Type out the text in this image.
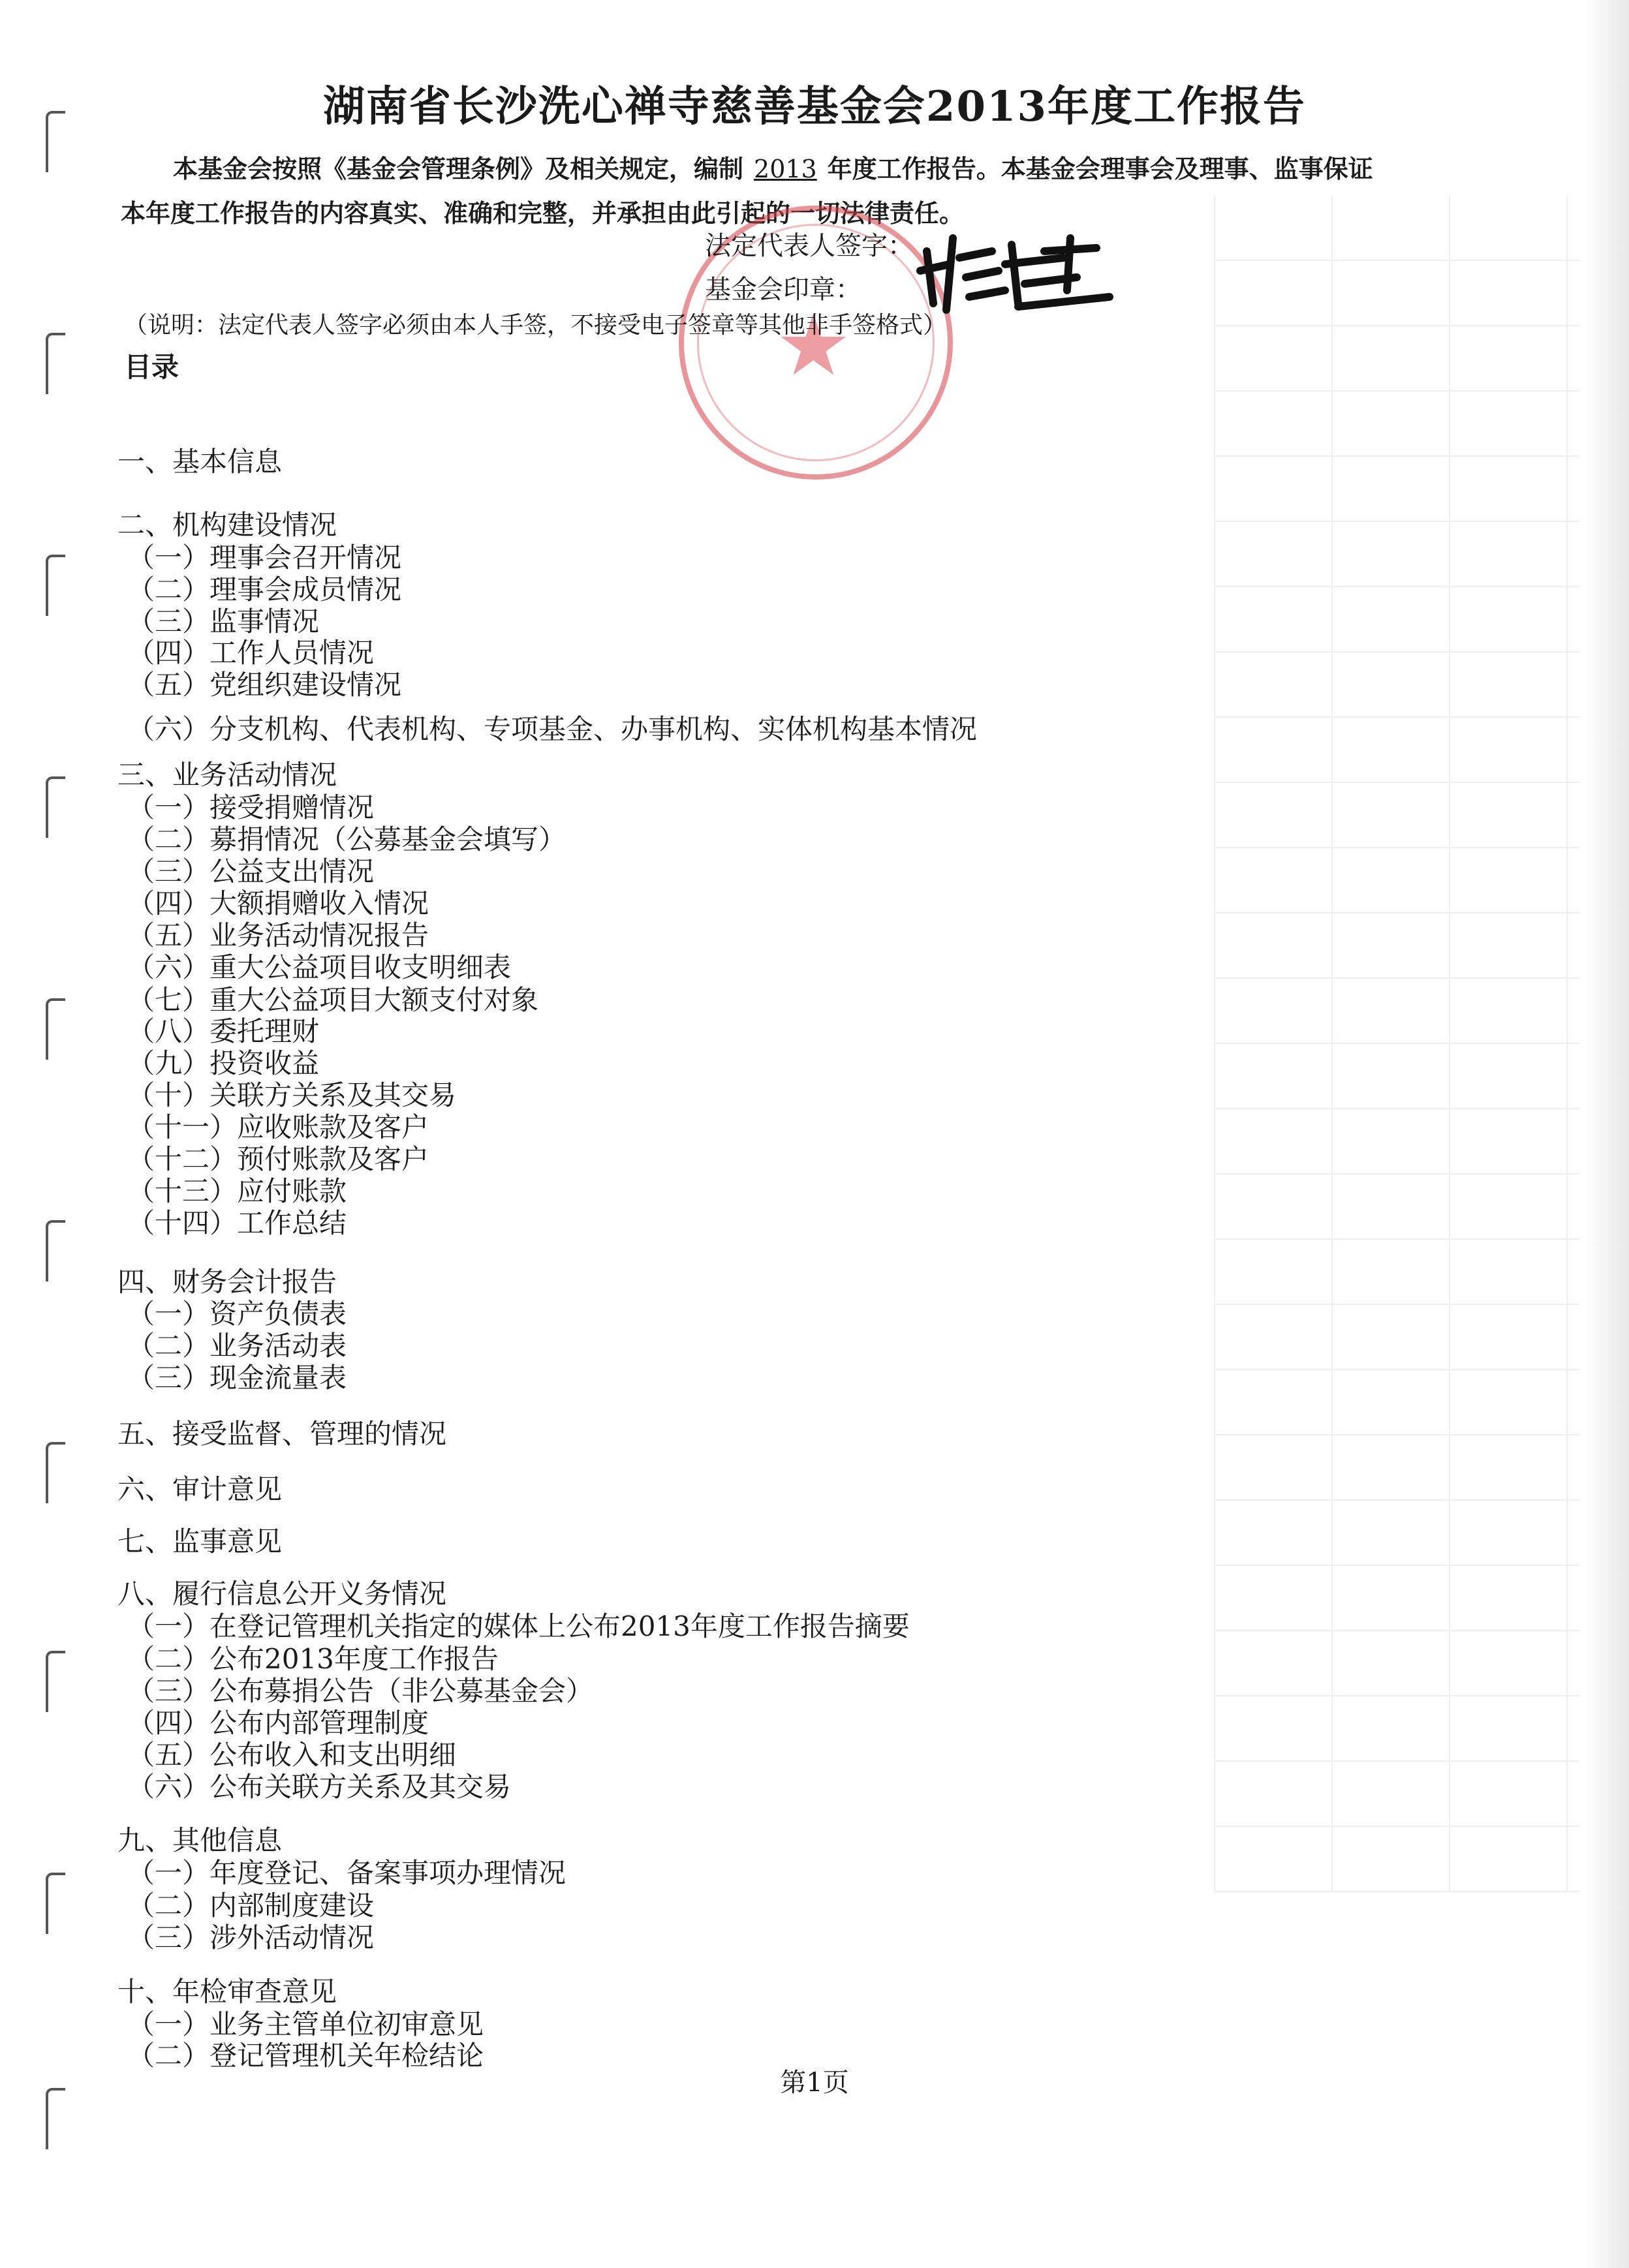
湖南省长沙洗心禅寺慈善基金会2013年度工作报告
本基金会按照《基金会管理条例》及相关规定，编制 2013 年度工作报告。本基金会理事会及理事、监事保证
本年度工作报告的内容真实、准确和完整，并承担由此引起的一切法律责任。
★
法定代表人签字：
基金会印章：
（说明：法定代表人签字必须由本人手签，不接受电子签章等其他非手签格式）
目录
一、基本信息
二、机构建设情况
（一）理事会召开情况
（二）理事会成员情况
（三）监事情况
（四）工作人员情况
（五）党组织建设情况
（六）分支机构、代表机构、专项基金、办事机构、实体机构基本情况
三、业务活动情况
（一）接受捐赠情况
（二）募捐情况（公募基金会填写）
（三）公益支出情况
（四）大额捐赠收入情况
（五）业务活动情况报告
（六）重大公益项目收支明细表
（七）重大公益项目大额支付对象
（八）委托理财
（九）投资收益
（十）关联方关系及其交易
（十一）应收账款及客户
（十二）预付账款及客户
（十三）应付账款
（十四）工作总结
四、财务会计报告
（一）资产负债表
（二）业务活动表
（三）现金流量表
五、接受监督、管理的情况
六、审计意见
七、监事意见
八、履行信息公开义务情况
（一）在登记管理机关指定的媒体上公布2013年度工作报告摘要
（二）公布2013年度工作报告
（三）公布募捐公告（非公募基金会）
（四）公布内部管理制度
（五）公布收入和支出明细
（六）公布关联方关系及其交易
九、其他信息
（一）年度登记、备案事项办理情况
（二）内部制度建设
（三）涉外活动情况
十、年检审查意见
（一）业务主管单位初审意见
（二）登记管理机关年检结论
第1页
